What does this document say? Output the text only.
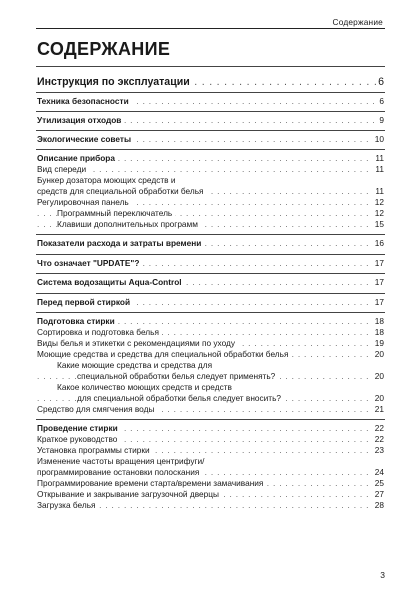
Содержание
СОДЕРЖАНИЕ
Инструкция по эксплуатации . . .	6
Техника безопасности . . .	6
Утилизация отходов . . .	9
Экологические советы . . .	10
Описание прибора . . .	11
Вид спереди . . .	11
Бункер дозатора моющих средств и
средств для специальной обработки белья . . .	11
Регулировочная панель . . .	12
Программный переключатель . . .	12
Клавиши дополнительных программ . . .	15
Показатели расхода и затраты времени . . .	16
Что означает "UPDATE"? . . .	17
Система водозащиты Aqua-Control . . .	17
Перед первой стиркой . . .	17
Подготовка стирки . . .	18
Сортировка и подготовка белья . . .	18
Виды белья и этикетки с рекомендациями по уходу . . .	19
Моющие средства и средства для специальной обработки белья . . .	20
Какие моющие средства и средства для
специальной обработки белья следует применять? . . .	20
Какое количество моющих средств и средств
для специальной обработки белья следует вносить? . . .	20
Средство для смягчения воды . . .	21
Проведение стирки . . .	22
Краткое руководство . . .	22
Установка программы стирки . . .	23
Изменение частоты вращения центрифуги/
программирование остановки полоскания . . .	24
Программирование времени старта/времени замачивания . . .	25
Открывание и закрывание загрузочной дверцы . . .	27
Загрузка белья . . .	28
3
